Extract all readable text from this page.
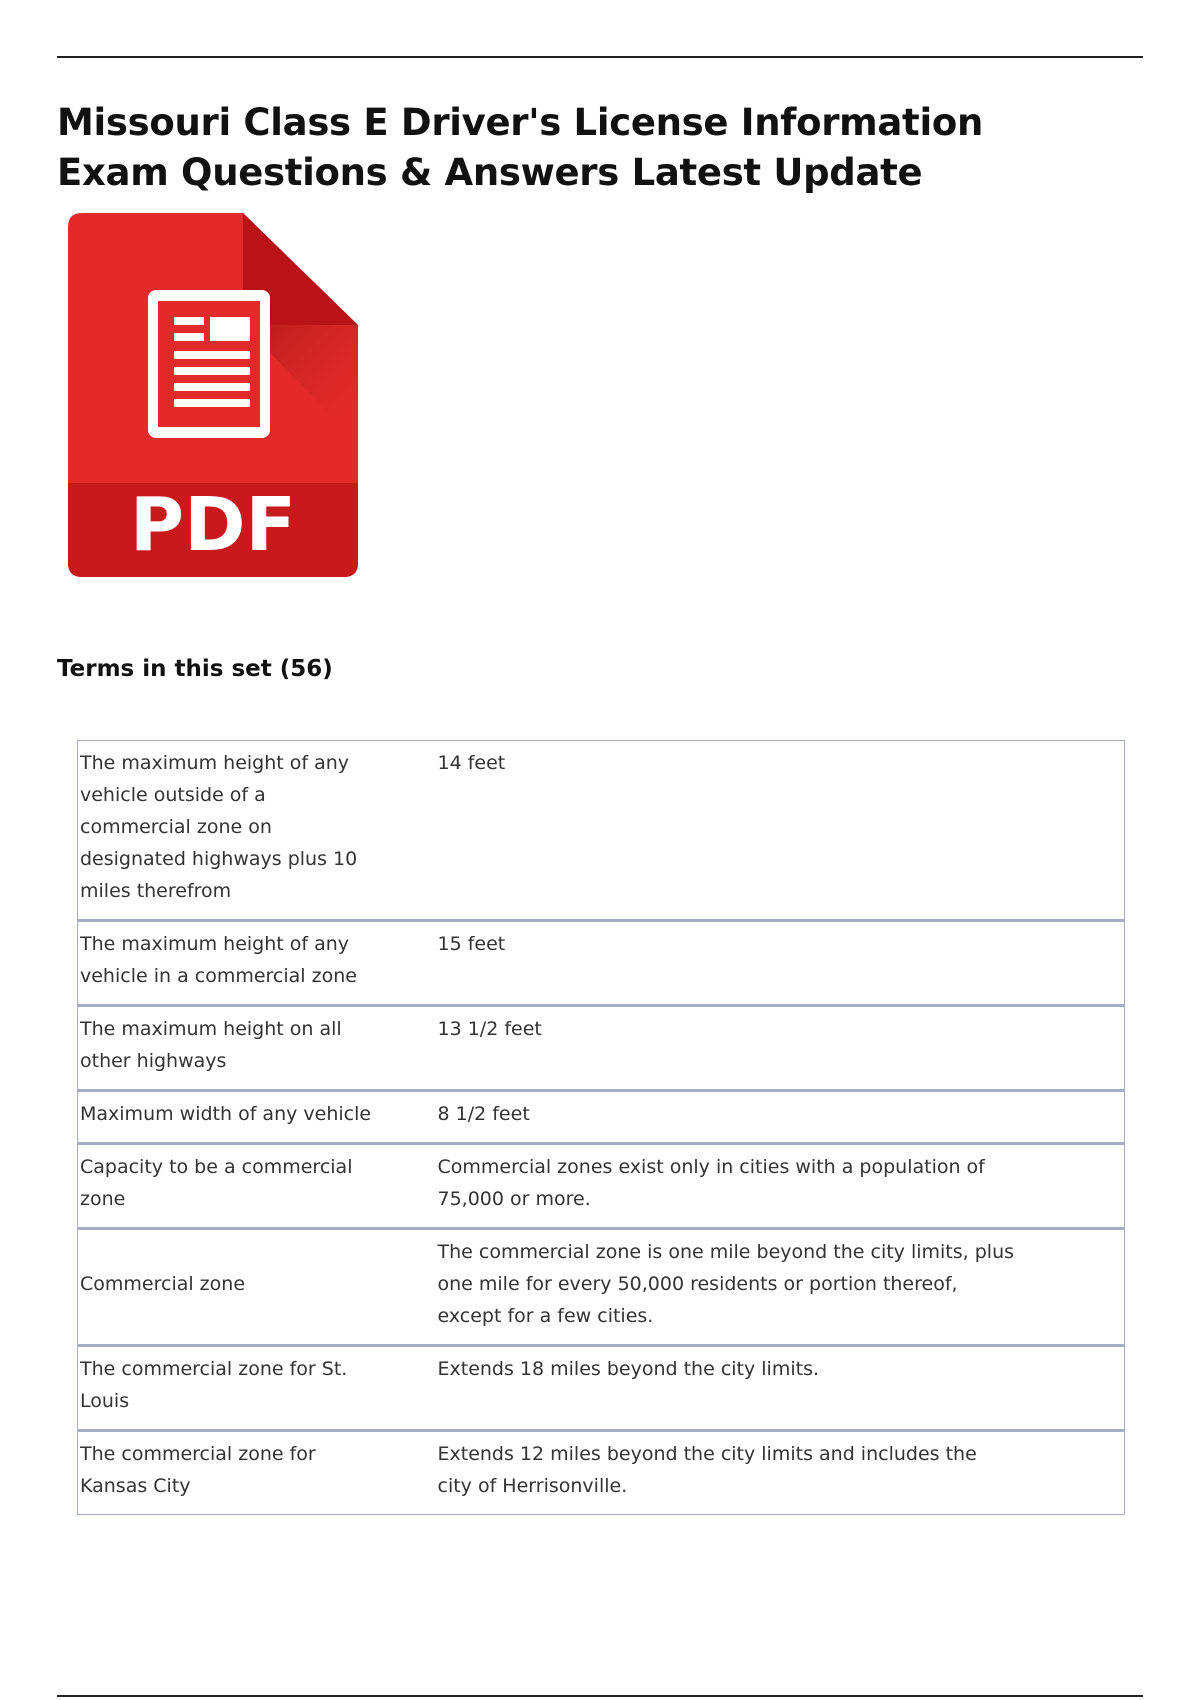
Missouri Class E Driver's License Information Exam Questions & Answers Latest Update
PDF
Terms in this set (56)
The maximum height of any vehicle outside of a commercial zone on designated highways plus 10 miles therefrom	14 feet
The maximum height of any vehicle in a commercial zone	15 feet
The maximum height on all other highways	13 1/2 feet
Maximum width of any vehicle	8 1/2 feet
Capacity to be a commercial zone	Commercial zones exist only in cities with a population of 75,000 or more.
Commercial zone	The commercial zone is one mile beyond the city limits, plus one mile for every 50,000 residents or portion thereof, except for a few cities.
The commercial zone for St. Louis	Extends 18 miles beyond the city limits.
The commercial zone for Kansas City	Extends 12 miles beyond the city limits and includes the city of Herrisonville.
